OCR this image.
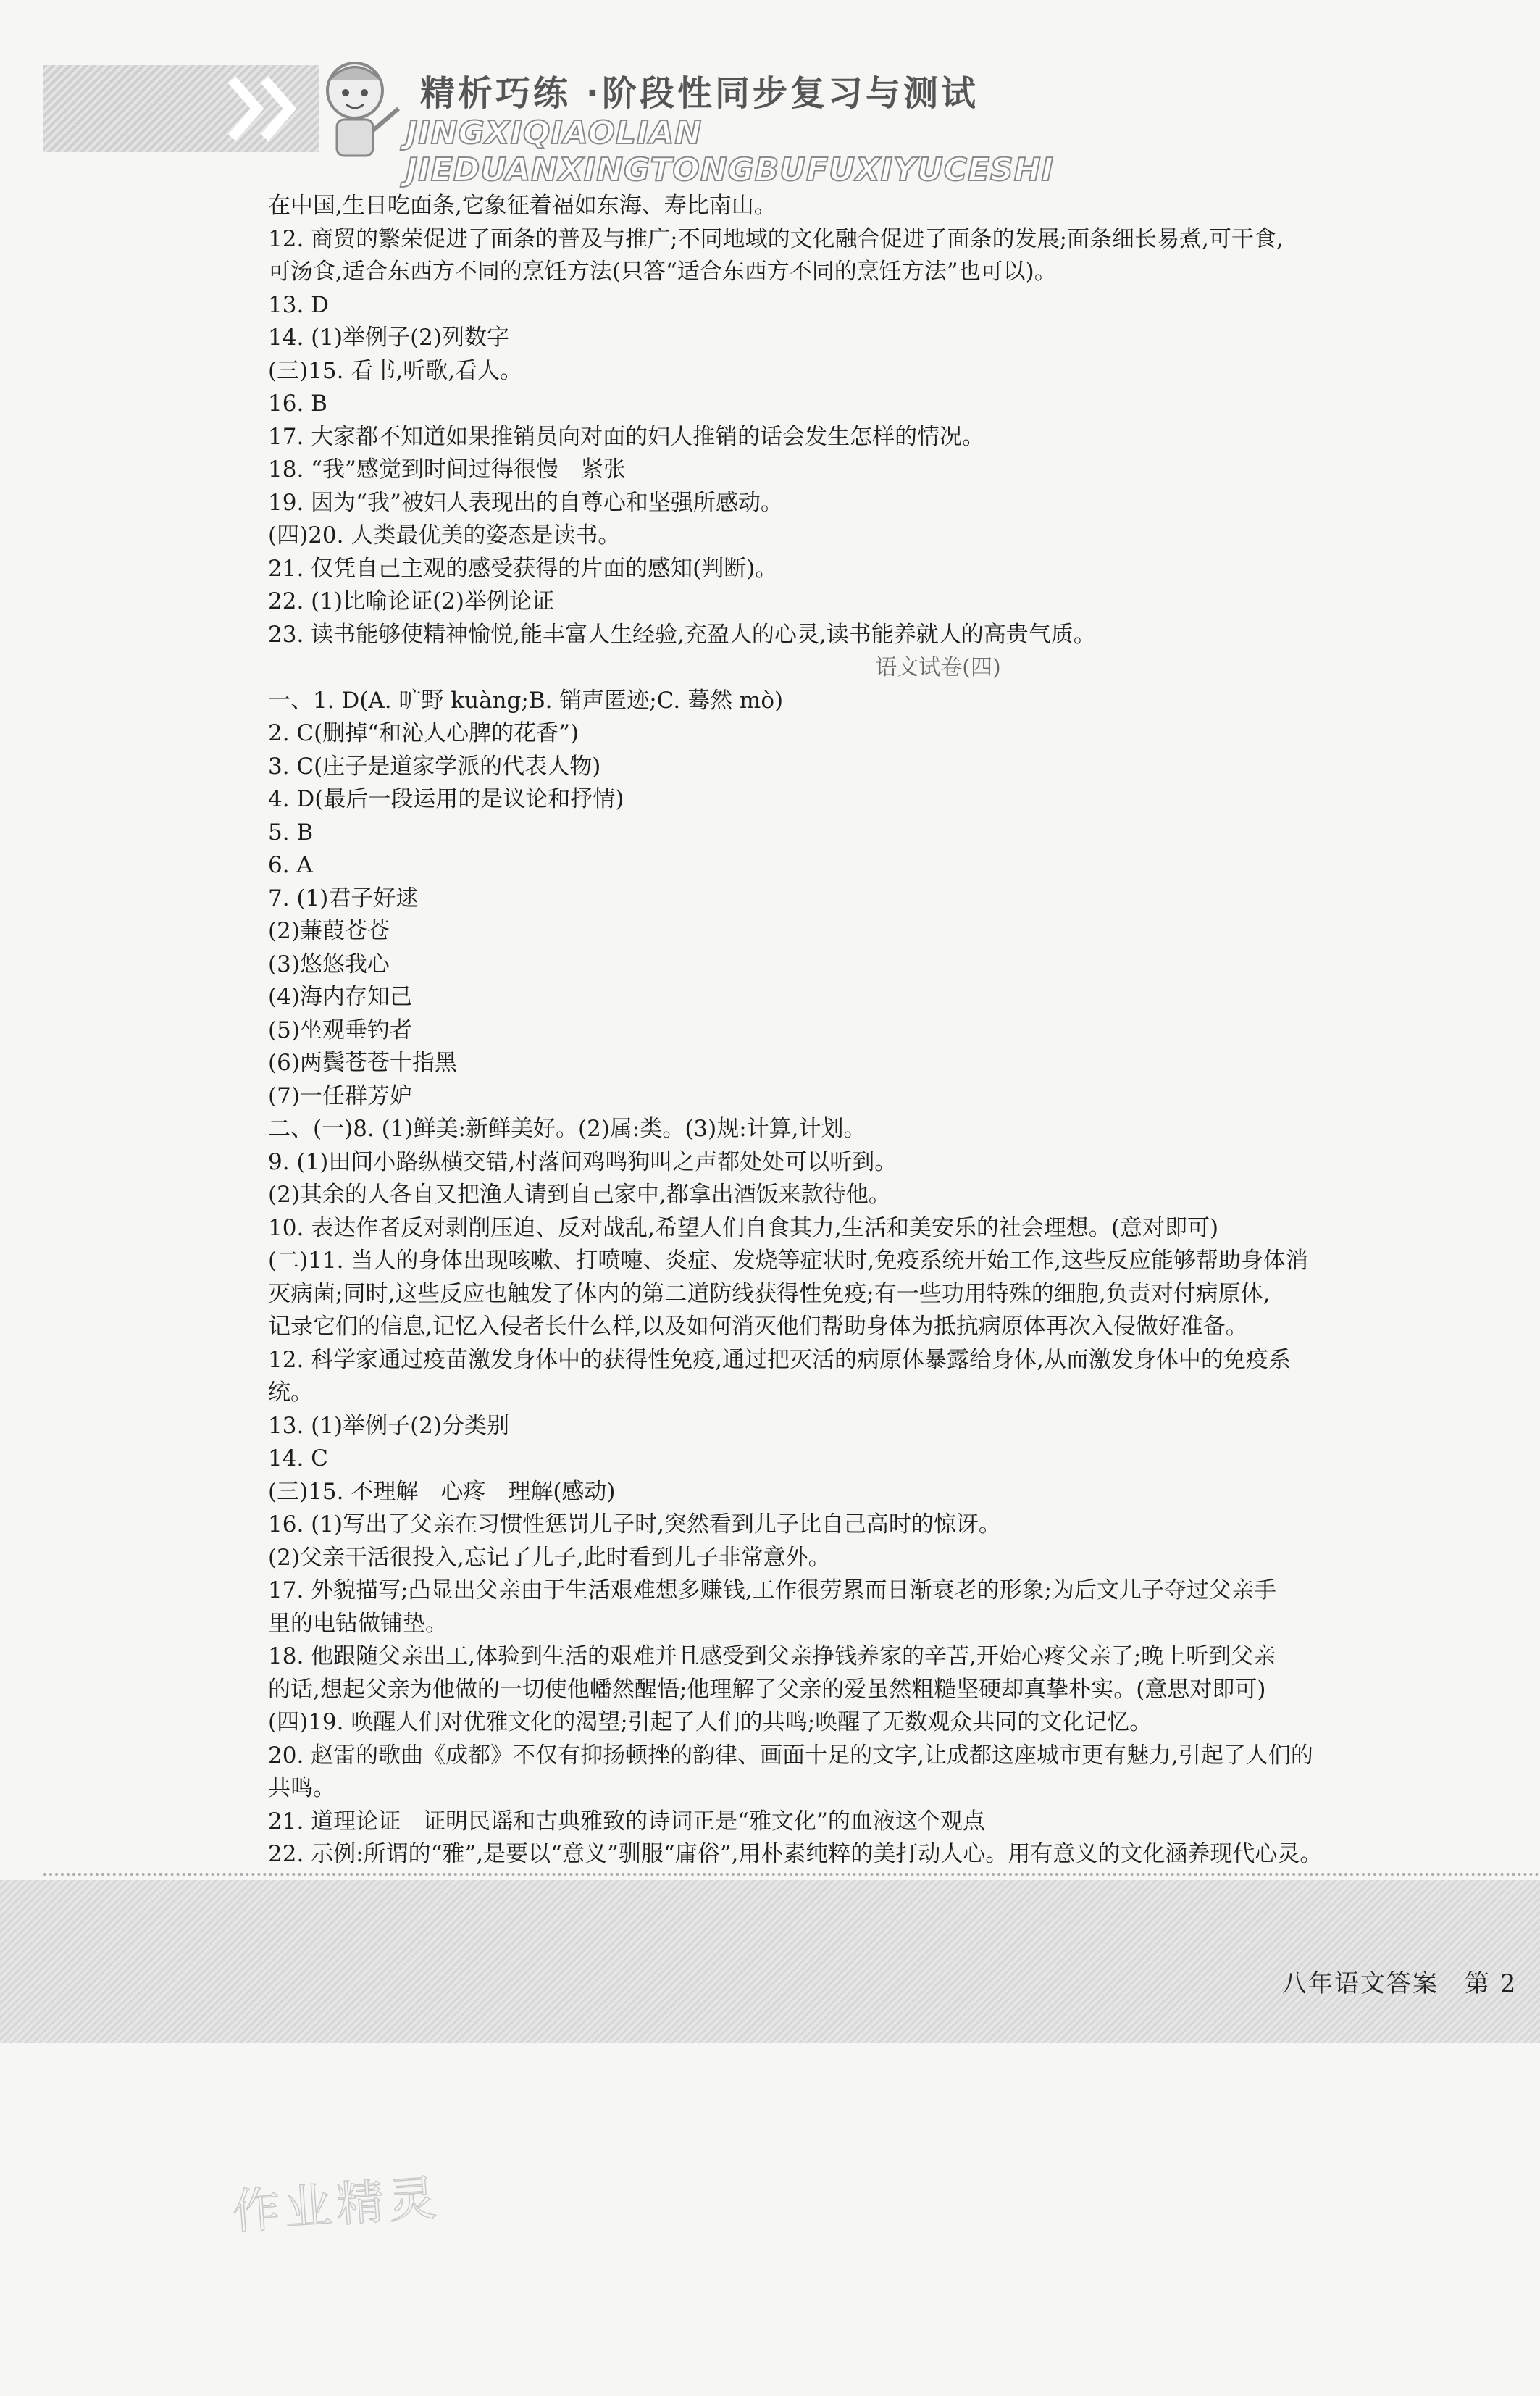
精析巧练 ·阶段性同步复习与测试
JINGXIQIAOLIAN JIEDUANXINGTONGBUFUXIYUCESHI
在中国,生日吃面条,它象征着福如东海、寿比南山。
12. 商贸的繁荣促进了面条的普及与推广;不同地域的文化融合促进了面条的发展;面条细长易煮,可干食,
可汤食,适合东西方不同的烹饪方法(只答“适合东西方不同的烹饪方法”也可以)。
13. D
14. (1)举例子(2)列数字
(三)15. 看书,听歌,看人。
16. B
17. 大家都不知道如果推销员向对面的妇人推销的话会发生怎样的情况。
18. “我”感觉到时间过得很慢　紧张
19. 因为“我”被妇人表现出的自尊心和坚强所感动。
(四)20. 人类最优美的姿态是读书。
21. 仅凭自己主观的感受获得的片面的感知(判断)。
22. (1)比喻论证(2)举例论证
23. 读书能够使精神愉悦,能丰富人生经验,充盈人的心灵,读书能养就人的高贵气质。
语文试卷(四)
一、1. D(A. 旷野 kuàng;B. 销声匿迹;C. 蓦然 mò)
2. C(删掉“和沁人心脾的花香”)
3. C(庄子是道家学派的代表人物)
4. D(最后一段运用的是议论和抒情)
5. B
6. A
7. (1)君子好逑
(2)蒹葭苍苍
(3)悠悠我心
(4)海内存知己
(5)坐观垂钓者
(6)两鬓苍苍十指黑
(7)一任群芳妒
二、(一)8. (1)鲜美:新鲜美好。(2)属:类。(3)规:计算,计划。
9. (1)田间小路纵横交错,村落间鸡鸣狗叫之声都处处可以听到。
(2)其余的人各自又把渔人请到自己家中,都拿出酒饭来款待他。
10. 表达作者反对剥削压迫、反对战乱,希望人们自食其力,生活和美安乐的社会理想。(意对即可)
(二)11. 当人的身体出现咳嗽、打喷嚏、炎症、发烧等症状时,免疫系统开始工作,这些反应能够帮助身体消
灭病菌;同时,这些反应也触发了体内的第二道防线获得性免疫;有一些功用特殊的细胞,负责对付病原体,
记录它们的信息,记忆入侵者长什么样,以及如何消灭他们帮助身体为抵抗病原体再次入侵做好准备。
12. 科学家通过疫苗激发身体中的获得性免疫,通过把灭活的病原体暴露给身体,从而激发身体中的免疫系
统。
13. (1)举例子(2)分类别
14. C
(三)15. 不理解　心疼　理解(感动)
16. (1)写出了父亲在习惯性惩罚儿子时,突然看到儿子比自己高时的惊讶。
(2)父亲干活很投入,忘记了儿子,此时看到儿子非常意外。
17. 外貌描写;凸显出父亲由于生活艰难想多赚钱,工作很劳累而日渐衰老的形象;为后文儿子夺过父亲手
里的电钻做铺垫。
18. 他跟随父亲出工,体验到生活的艰难并且感受到父亲挣钱养家的辛苦,开始心疼父亲了;晚上听到父亲
的话,想起父亲为他做的一切使他幡然醒悟;他理解了父亲的爱虽然粗糙坚硬却真挚朴实。(意思对即可)
(四)19. 唤醒人们对优雅文化的渴望;引起了人们的共鸣;唤醒了无数观众共同的文化记忆。
20. 赵雷的歌曲《成都》不仅有抑扬顿挫的韵律、画面十足的文字,让成都这座城市更有魅力,引起了人们的
共鸣。
21. 道理论证　证明民谣和古典雅致的诗词正是“雅文化”的血液这个观点
22. 示例:所谓的“雅”,是要以“意义”驯服“庸俗”,用朴素纯粹的美打动人心。用有意义的文化涵养现代心灵。
八年语文答案　第 2
作业精灵
